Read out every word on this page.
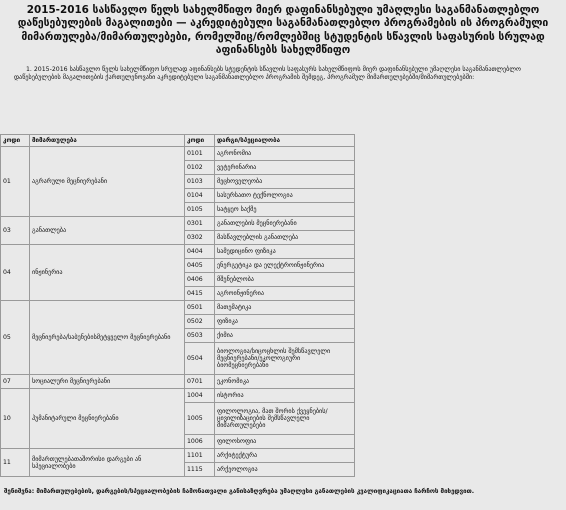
2015-2016 სასწავლო წელს სახელმწიფო მიერ დაფინანსებული უმაღლესი საგანმანათლებლო დაწესებულების მაგალითები — აკრედიტებული საგანმანათლებლო პროგრამების ის პროგრამული მიმართულება/მიმართულებები, რომელშიც/რომლებშიც სტუდენტის სწავლის საფასურის სრულად აფინანსებს სახელმწიფო
1. 2015-2016 სასწავლო წელს სახელმწიფო სრულად აფინანსებს სტუდენტის სწავლის საფასურს სახელმწიფოს მიერ დაფინანსებული უმაღლესი საგანმანათლებლო დაწესებულების მაგალითების ქართულენოვანი აკრედიტებული საგანმანათლებლო პროგრამის შემდეგ, პროგრამულ მიმართულებებში/მიმართულებებში:
კოდი	მიმართულება	კოდი	დარგი/სპეციალობა	
01	აგრარული მეცნიერებანი	0101	აგრონომია	
		0102	ვეტერინარია	
		0103	მეცხოველეობა	
		0104	სასურსათო ტექნოლოგია	
		0105	სატყეო საქმე	
03	განათლება	0301	განათლების მეცნიერებანი	
		0302	მასწავლებლის განათლება	
04	ინჟინერია	0404	სამედიცინო ფიზიკა	
		0405	ენერგეტიკა და ელექტროინჟინერია	
		0406	მშენებლობა	
		0415	აგროინჟინერია	
05	მეცნიერება/საბუნებისმეტყველო მეცნიერებანი	0501	მათემატიკა	
		0502	ფიზიკა	
		0503	ქიმია	
		0504	ბიოლოგია/სიცოცხლის შემსწავლელი მეცნიერებანი/ეკოლოგიური ბიომეცნიერებანი	
07	სოციალური მეცნიერებანი	0701	ეკონომიკა	
10	ჰუმანიტარული მეცნიერებანი	1004	ისტორია	
		1005	ფილოლოგია, მათ შორის ქვეყნების/ ცივილიზაციების შემსწავლელი მიმართულებები	
		1006	ფილოსოფია	
11	მიმართულებათაშორისი დარგები ან სპეციალობები	1101	არქიტექტურა	
		1115	არქეოლოგია	
შენიშვნა: მიმართულებების, დარგების/სპეციალობების ჩამონათვალი განისაზღვრება უმაღლესი განათლების კვალიფიკაციათა ჩარჩოს მიხედვით.
